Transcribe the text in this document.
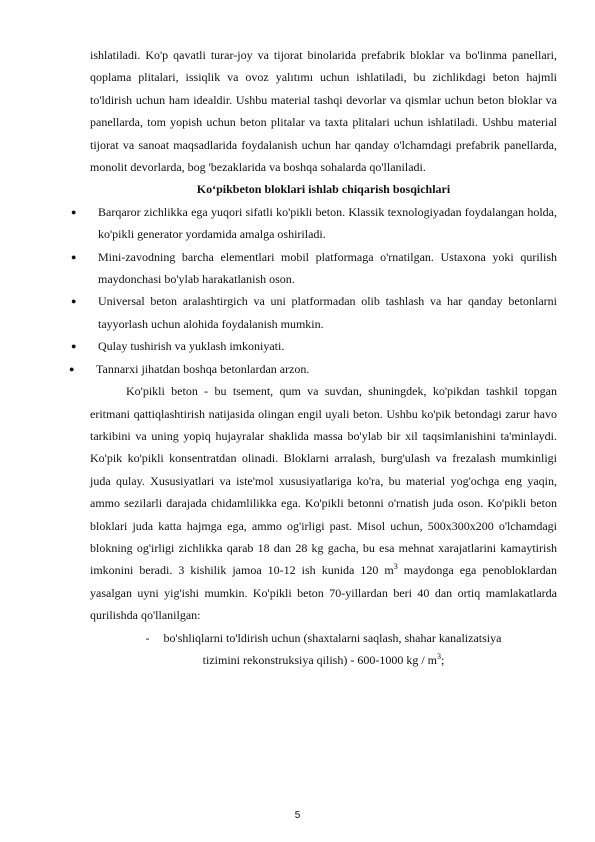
ishlatiladi. Ko'p qavatli turar-joy va tijorat binolarida prefabrik bloklar va bo'linma panellari, qoplama plitalari, issiqlik va ovoz yalıtımı uchun ishlatiladi, bu zichlikdagi beton hajmli to'ldirish uchun ham idealdir. Ushbu material tashqi devorlar va qismlar uchun beton bloklar va panellarda, tom yopish uchun beton plitalar va taxta plitalari uchun ishlatiladi. Ushbu material tijorat va sanoat maqsadlarida foydalanish uchun har qanday o'lchamdagi prefabrik panellarda, monolit devorlarda, bog 'bezaklarida va boshqa sohalarda qo'llaniladi.

Ko‘pikbeton bloklari ishlab chiqarish bosqichlari

● Barqaror zichlikka ega yuqori sifatli ko'pikli beton. Klassik texnologiyadan foydalangan holda, ko'pikli generator yordamida amalga oshiriladi.
● Mini-zavodning barcha elementlari mobil platformaga o'rnatilgan. Ustaxona yoki qurilish maydonchasi bo'ylab harakatlanish oson.
● Universal beton aralashtirgich va uni platformadan olib tashlash va har qanday betonlarni tayyorlash uchun alohida foydalanish mumkin.
● Qulay tushirish va yuklash imkoniyati.
● Tannarxi jihatdan boshqa betonlardan arzon.

Ko'pikli beton - bu tsement, qum va suvdan, shuningdek, ko'pikdan tashkil topgan eritmani qattiqlashtirish natijasida olingan engil uyali beton. Ushbu ko'pik betondagi zarur havo tarkibini va uning yopiq hujayralar shaklida massa bo'ylab bir xil taqsimlanishini ta'minlaydi. Ko'pik ko'pikli konsentratdan olinadi. Bloklarni arralash, burg'ulash va frezalash mumkinligi juda qulay. Xususiyatlari va iste'mol xususiyatlariga ko'ra, bu material yog'ochga eng yaqin, ammo sezilarli darajada chidamlilikka ega. Ko'pikli betonni o'rnatish juda oson. Ko'pikli beton bloklari juda katta hajmga ega, ammo og'irligi past. Misol uchun, 500x300x200 o'lchamdagi blokning og'irligi zichlikka qarab 18 dan 28 kg gacha, bu esa mehnat xarajatlarini kamaytirish imkonini beradi. 3 kishilik jamoa 10-12 ish kunida 120 $m^3$ maydonga ega penobloklardan yasalgan uyni yig'ishi mumkin. Ko'pikli beton 70-yillardan beri 40 dan ortiq mamlakatlarda qurilishda qo'llanilgan:

- bo'shliqlarni to'ldirish uchun (shaxtalarni saqlash, shahar kanalizatsiya
tizimini rekonstruksiya qilish) - 600-1000 kg / $m^3$;
5
